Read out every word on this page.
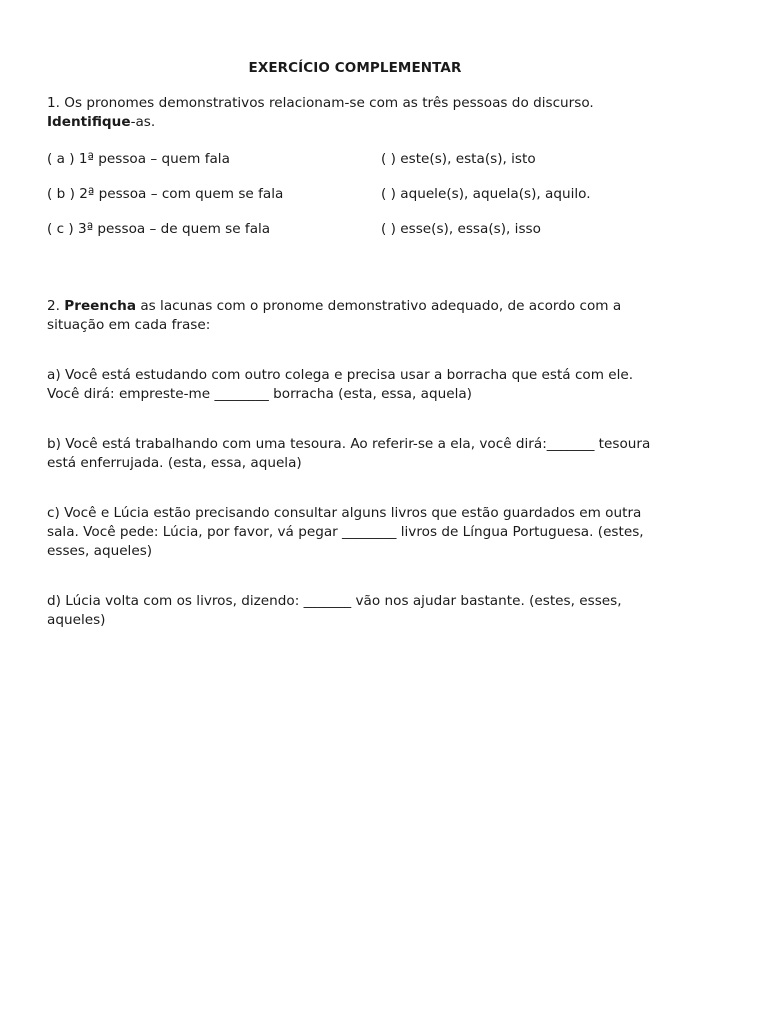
EXERCÍCIO COMPLEMENTAR
1. Os pronomes demonstrativos relacionam-se com as três pessoas do discurso. Identifique-as.
( a ) 1ª pessoa – quem fala	( ) este(s), esta(s), isto
( b ) 2ª pessoa – com quem se fala	( ) aquele(s), aquela(s), aquilo.
( c ) 3ª pessoa – de quem se fala	( ) esse(s), essa(s), isso
2. Preencha as lacunas com o pronome demonstrativo adequado, de acordo com a situação em cada frase:
a) Você está estudando com outro colega e precisa usar a borracha que está com ele. Você dirá: empreste-me ________ borracha (esta, essa, aquela)
b) Você está trabalhando com uma tesoura. Ao referir-se a ela, você dirá:_______ tesoura está enferrujada. (esta, essa, aquela)
c) Você e Lúcia estão precisando consultar alguns livros que estão guardados em outra sala. Você pede: Lúcia, por favor, vá pegar ________ livros de Língua Portuguesa. (estes, esses, aqueles)
d) Lúcia volta com os livros, dizendo: _______ vão nos ajudar bastante. (estes, esses, aqueles)
